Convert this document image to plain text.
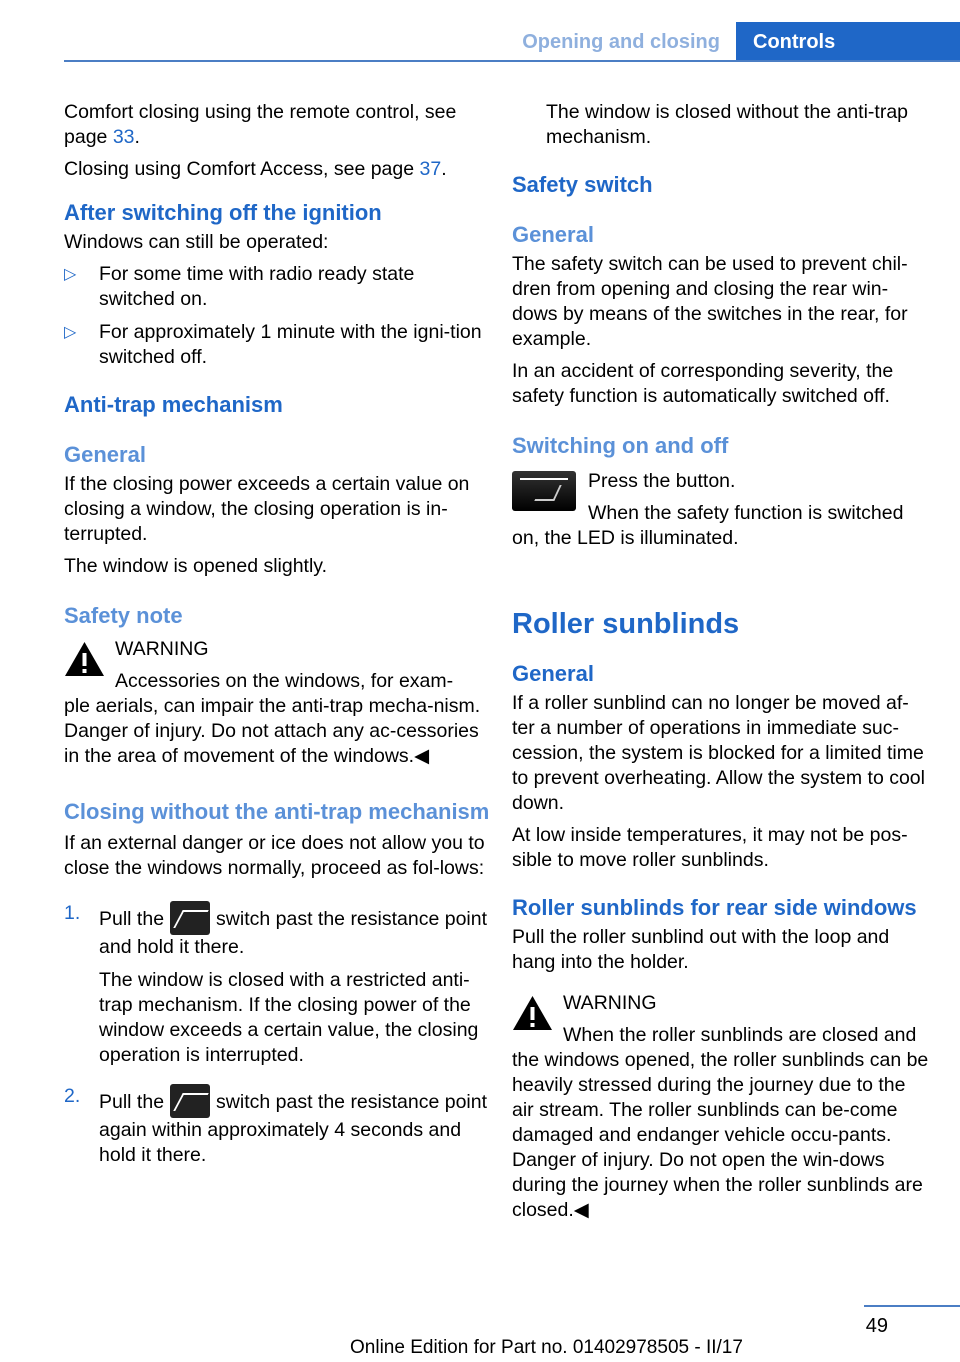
Opening and closing	Controls

Comfort closing using the remote control, see page 33.

Closing using Comfort Access, see page 37.

After switching off the ignition

Windows can still be operated:

▷ For some time with radio ready state switched on.
▷ For approximately 1 minute with the igni‐tion switched off.
Anti-trap mechanism
General

If the closing power exceeds a certain value on closing a window, the closing operation is in‐terrupted.

The window is opened slightly.

Safety note
WARNING
Accessories on the windows, for exam‐
ple aerials, can impair the anti-trap mecha‐nism. Danger of injury. Do not attach any ac‐cessories in the area of movement of the windows.◀
Closing without the anti-trap mechanism

If an external danger or ice does not allow you to close the windows normally, proceed as fol‐lows:

1. Pull the	switch past the resistance point and hold it there.

The window is closed with a restricted anti-trap mechanism. If the closing power of the window exceeds a certain value, the closing operation is interrupted.

2. Pull the	switch past the resistance point again within approximately 4 seconds and hold it there.

The window is closed without the anti-trap mechanism.

Safety switch
General

The safety switch can be used to prevent chil‐dren from opening and closing the rear win‐dows by means of the switches in the rear, for example.

In an accident of corresponding severity, the safety function is automatically switched off.

Switching on and off
Press the button.
When the safety function is switched
on, the LED is illuminated.
Roller sunblinds
General

If a roller sunblind can no longer be moved af‐ter a number of operations in immediate suc‐cession, the system is blocked for a limited time to prevent overheating. Allow the system to cool down.

At low inside temperatures, it may not be pos‐sible to move roller sunblinds.

Roller sunblinds for rear side windows

Pull the roller sunblind out with the loop and hang into the holder.

WARNING
When the roller sunblinds are closed and
the windows opened, the roller sunblinds can be heavily stressed during the journey due to the air stream. The roller sunblinds can be‐come damaged and endanger vehicle occu‐pants. Danger of injury. Do not open the win‐dows during the journey when the roller sunblinds are closed.◀
49
Online Edition for Part no. 01402978505 - II/17
